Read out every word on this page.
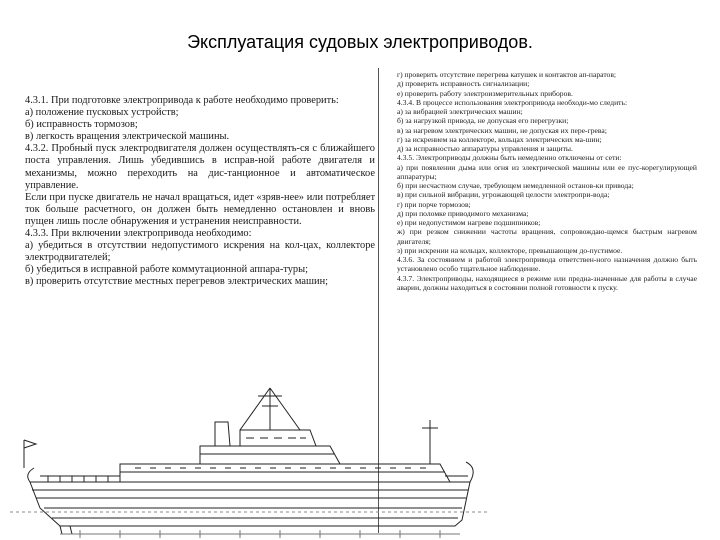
Эксплуатация судовых электроприводов.

4.3.1. При подготовке электропривода к работе необходимо проверить:

а) положение пусковых устройств;

б) исправность тормозов;

в) легкость вращения электрической машины.

4.3.2. Пробный пуск электродвигателя должен осуществлять-ся с ближайшего поста управления. Лишь убедившись в исправ-ной работе двигателя и механизмы, можно переходить на дис-танционное и автоматическое управление.

Если при пуске двигатель не начал вращаться, идет «зряв-нее» или потребляет ток больше расчетного, он должен быть немедленно остановлен и вновь пущен лишь после обнаружения и устранения неисправности.

4.3.3. При включении электропривода необходимо:

а) убедиться в отсутствии недопустимого искрения на кол-цах, коллекторе электродвигателей;

б) убедиться в исправной работе коммутационной аппара-туры;

в) проверить отсутствие местных перегревов электрических машин;

г) проверить отсутствие перегрева катушек и контактов ап-паратов;

д) проверить исправность сигнализации;

е) проверить работу электроизмерительных приборов.

4.3.4. В процессе использования электропривода необходи-мо следить:

а) за вибрацией электрических машин;

б) за нагрузкой привода, не допуская его перегрузки;

в) за нагревом электрических машин, не допуская их пере-грева;

г) за искрением на коллекторе, кольцах электрических ма-шин;

д) за исправностью аппаратуры управления и защиты.

4.3.5. Электроприводы должны быть немедленно отключены от сети:

а) при появлении дыма или огня из электрической машины или ее пус-корегулирующей аппаратуры;

б) при несчастном случае, требующем немедленной останов-ки привода;

в) при сильной вибрации, угрожающей целости электропри-вода;

г) при порче тормозов;

д) при поломке приводимого механизма;

е) при недопустимом нагреве подшипников;

ж) при резком снижении частоты вращения, сопровождаю-щемся быстрым нагревом двигателя;

з) при искрении на кольцах, коллекторе, превышающем до-пустимое.

4.3.6. За состоянием и работой электропривода ответствен-ного назначения должно быть установлено особо тщательное наблюдение.

4.3.7. Электроприводы, находящиеся в режиме или предна-значенные для работы в случае аварии, должны находиться в состоянии полной готовности к пуску.
